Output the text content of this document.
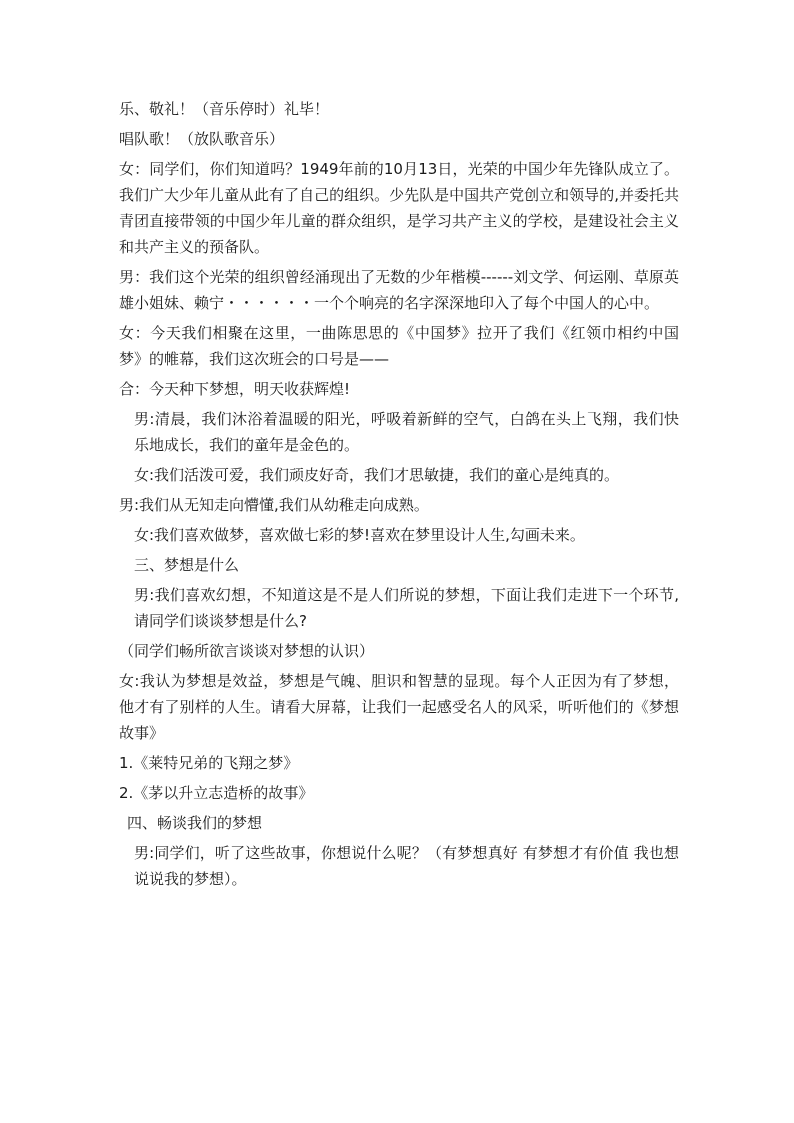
乐、敬礼！（音乐停时）礼毕！

唱队歌！（放队歌音乐）

女：同学们，你们知道吗？1949年前的10月13日，光荣的中国少年先锋队成立了。我们广大少年儿童从此有了自己的组织。少先队是中国共产党创立和领导的,并委托共青团直接带领的中国少年儿童的群众组织，是学习共产主义的学校，是建设社会主义和共产主义的预备队。

男：我们这个光荣的组织曾经涌现出了无数的少年楷模------刘文学、何运刚、草原英雄小姐妹、赖宁・・・・・・一个个响亮的名字深深地印入了每个中国人的心中。

女：今天我们相聚在这里，一曲陈思思的《中国梦》拉开了我们《红领巾相约中国梦》的帷幕，我们这次班会的口号是——

合：今天种下梦想，明天收获辉煌!

男:清晨，我们沐浴着温暖的阳光，呼吸着新鲜的空气，白鸽在头上飞翔，我们快乐地成长，我们的童年是金色的。

女:我们活泼可爱，我们顽皮好奇，我们才思敏捷，我们的童心是纯真的。

男:我们从无知走向懵懂,我们从幼稚走向成熟。

女:我们喜欢做梦，喜欢做七彩的梦!喜欢在梦里设计人生,勾画未来。

三、梦想是什么

男:我们喜欢幻想，不知道这是不是人们所说的梦想，下面让我们走进下一个环节,请同学们谈谈梦想是什么?

（同学们畅所欲言谈谈对梦想的认识）

女:我认为梦想是效益，梦想是气魄、胆识和智慧的显现。每个人正因为有了梦想，他才有了别样的人生。请看大屏幕，让我们一起感受名人的风采，听听他们的《梦想故事》

1.《莱特兄弟的飞翔之梦》

2.《茅以升立志造桥的故事》

四、畅谈我们的梦想

男:同学们，听了这些故事，你想说什么呢？（有梦想真好 有梦想才有价值 我也想说说我的梦想）。
